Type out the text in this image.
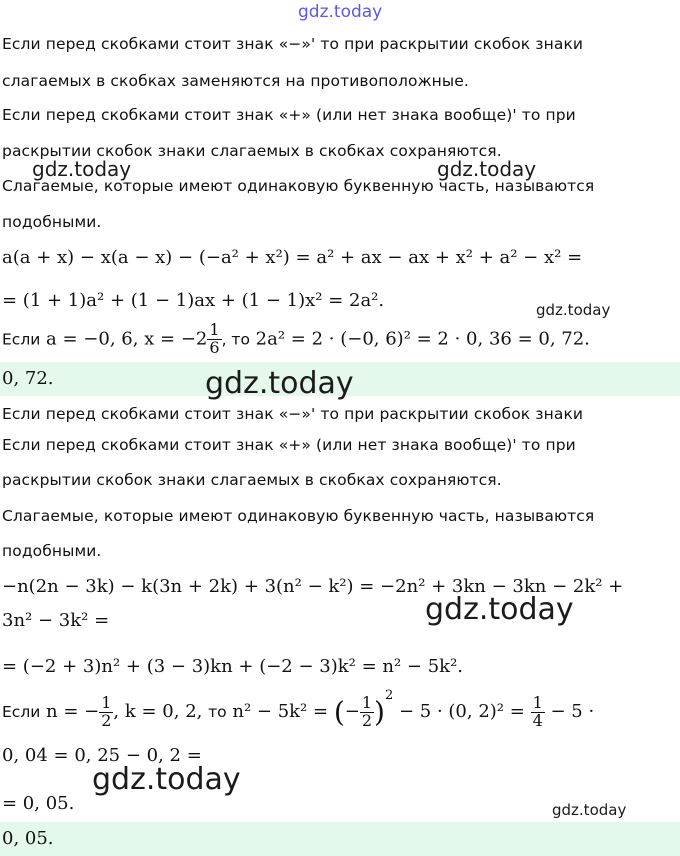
gdz.today
Если перед скобками стоит знак «−»' то при раскрытии скобок знаки
слагаемых в скобках заменяются на противоположные.
Если перед скобками стоит знак «+» (или нет знака вообще)' то при
раскрытии скобок знаки слагаемых в скобках сохраняются.
gdz.today	gdz.today
Слагаемые, которые имеют одинаковую буквенную часть, называются
подобными.
a(a + x) − x(a − x) − (−a² + x²) = a² + ax − ax + x² + a² − x² =
= (1 + 1)a² + (1 − 1)ax + (1 − 1)x² = 2a².	gdz.today
Если a = −0, 6, $x = -2 \frac{1}{6}$ , то 2a² = 2 · (−0, 6)² = 2 · 0, 36 = 0, 72.
0, 72.	gdz.today
Если перед скобками стоит знак «−»' то при раскрытии скобок знаки
Если перед скобками стоит знак «+» (или нет знака вообще)' то при
раскрытии скобок знаки слагаемых в скобках сохраняются.
Слагаемые, которые имеют одинаковую буквенную часть, называются
подобными.
−n(2n − 3k) − k(3n + 2k) + 3(n² − k²) = −2n² + 3kn − 3kn − 2k² +
gdz.today
3n² − 3k² =
= (−2 + 3)n² + (3 − 3)kn + (−2 − 3)k² = n² − 5k².
Если n = − $\frac{1}{2}$ , k = 0, 2, то n² − 5k² = (− $\frac{1}{2} )^2 - 5 \cdot (0$, $2)^2 = \frac{1}{4} - 5$ ·
0, 04 = 0, 25 − 0, 2 =
gdz.today
= 0, 05.	gdz.today
0, 05.
